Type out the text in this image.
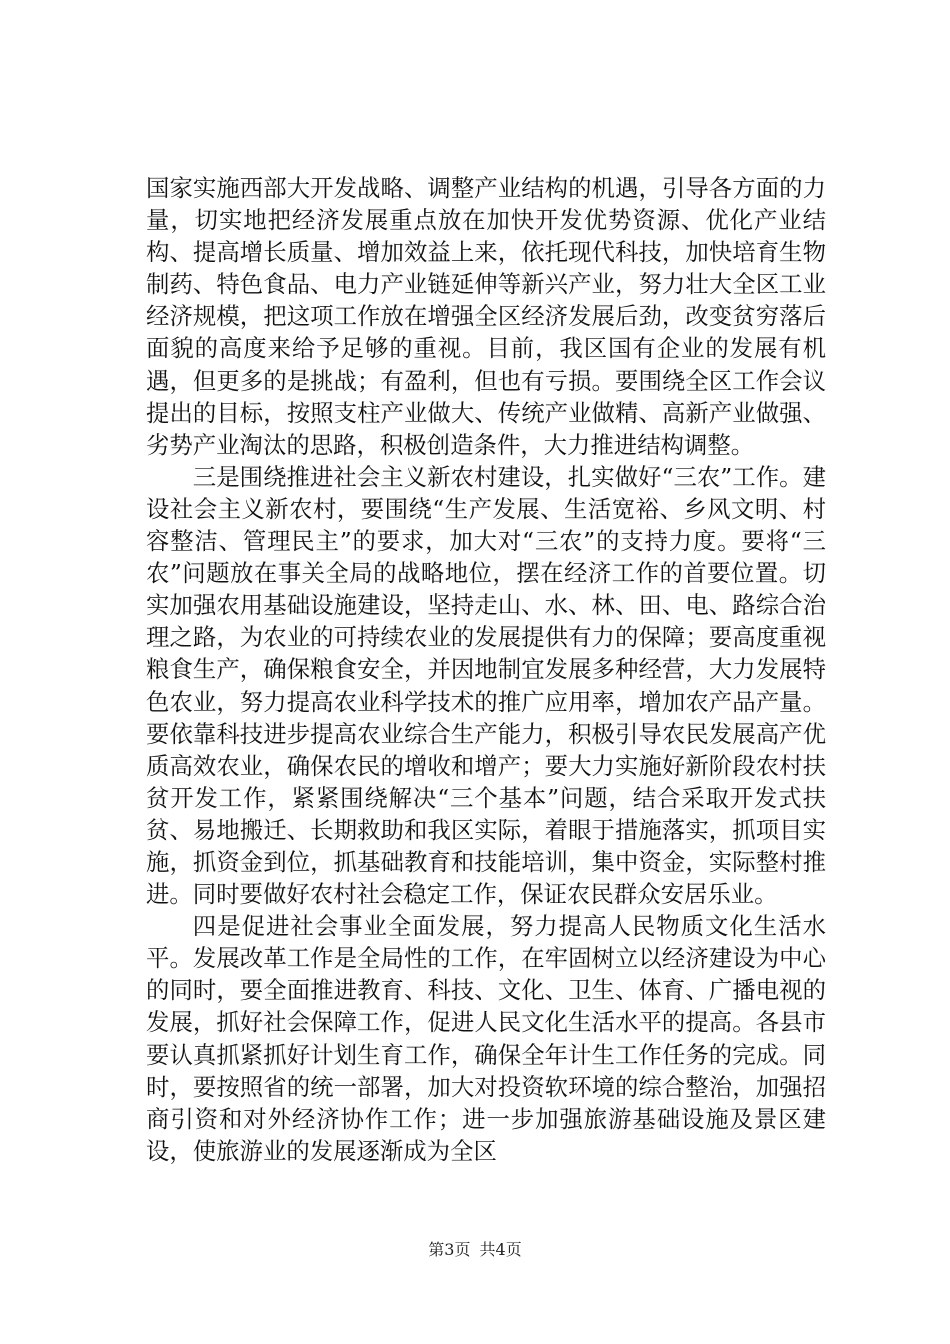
国家实施西部大开发战略、调整产业结构的机遇，引导各方面的力量，切实地把经济发展重点放在加快开发优势资源、优化产业结构、提高增长质量、增加效益上来，依托现代科技，加快培育生物制药、特色食品、电力产业链延伸等新兴产业，努力壮大全区工业经济规模，把这项工作放在增强全区经济发展后劲，改变贫穷落后面貌的高度来给予足够的重视。目前，我区国有企业的发展有机遇，但更多的是挑战；有盈利，但也有亏损。要围绕全区工作会议提出的目标，按照支柱产业做大、传统产业做精、高新产业做强、劣势产业淘汰的思路，积极创造条件，大力推进结构调整。

三是围绕推进社会主义新农村建设，扎实做好“三农”工作。建设社会主义新农村，要围绕“生产发展、生活宽裕、乡风文明、村容整洁、管理民主”的要求，加大对“三农”的支持力度。要将“三农”问题放在事关全局的战略地位，摆在经济工作的首要位置。切实加强农用基础设施建设，坚持走山、水、林、田、电、路综合治理之路，为农业的可持续农业的发展提供有力的保障；要高度重视粮食生产，确保粮食安全，并因地制宜发展多种经营，大力发展特色农业，努力提高农业科学技术的推广应用率，增加农产品产量。要依靠科技进步提高农业综合生产能力，积极引导农民发展高产优质高效农业，确保农民的增收和增产；要大力实施好新阶段农村扶贫开发工作，紧紧围绕解决“三个基本”问题，结合采取开发式扶贫、易地搬迁、长期救助和我区实际，着眼于措施落实，抓项目实施，抓资金到位，抓基础教育和技能培训，集中资金，实际整村推进。同时要做好农村社会稳定工作，保证农民群众安居乐业。

四是促进社会事业全面发展，努力提高人民物质文化生活水平。发展改革工作是全局性的工作，在牢固树立以经济建设为中心的同时，要全面推进教育、科技、文化、卫生、体育、广播电视的发展，抓好社会保障工作，促进人民文化生活水平的提高。各县市要认真抓紧抓好计划生育工作，确保全年计生工作任务的完成。同时，要按照省的统一部署，加大对投资软环境的综合整治，加强招商引资和对外经济协作工作；进一步加强旅游基础设施及景区建设，使旅游业的发展逐渐成为全区

第3页 共4页
